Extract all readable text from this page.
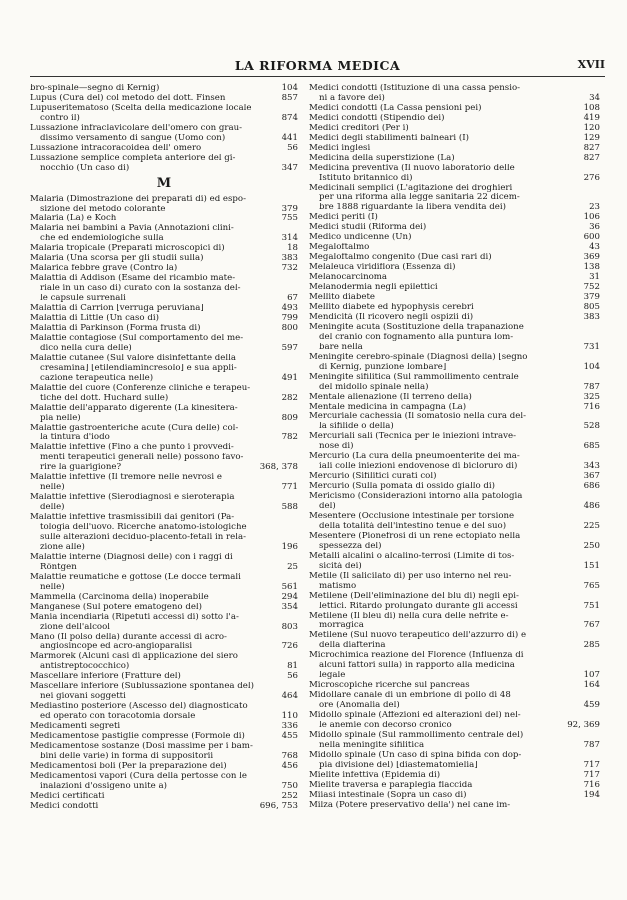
LA RIFORMA MEDICA	XVII
bro-spinale—segno di Kernig)	104
Lupus (Cura del) col metodo del dott. Finsen	857
Lupuseritematoso (Scelta della medicazione locale
contro il)	874
Lussazione infraclavicolare dell'omero con grau-
dissimo versamento di sangue (Uomo con)	441
Lussazione intracoracoidea dell' omero	56
Lussazione semplice completa anteriore del gi-
nocchio (Un caso di)	347
M
Malaria (Dimostrazione dei preparati di) ed espo-
sizione del metodo colorante	379
Malaria (La) e Koch	755
Malaria nei bambini a Pavia (Annotazioni clini-
che ed endemiologiche sulla	314
Malaria tropicale (Preparati microscopici di)	18
Malaria (Una scorsa per gli studii sulla)	383
Malarica febbre grave (Contro la)	732
Malattia di Addison (Esame del ricambio mate-
riale in un caso di) curato con la sostanza del-
le capsule surrenali	67
Malattia di Carrion [verruga peruviana]	493
Malattia di Little (Un caso di)	799
Malattia di Parkinson (Forma frusta di)	800
Malattie contagiose (Sul comportamento del me-
dico nella cura delle)	597
Malattie cutanee (Sul valore disinfettante della
cresamina] [etilendiamincresolo] e sua appli-
cazione terapeutica nelle)	491
Malattie del cuore (Conferenze cliniche e terapeu-
tiche del dott. Huchard sulle)	282
Malattie dell'apparato digerente (La kinesitera-
pia nelle)	809
Malattie gastroenteriche acute (Cura delle) col-
la tintura d'iodo	782
Malattie infettive (Fino a che punto i provvedi-
menti terapeutici generali nelle) possono favo-
rire la guarigione?	368, 378
Malattie infettive (Il tremore nelle nevrosi e
nelle)	771
Malattie infettive (Sierodiagnosi e sieroterapia
delle)	588
Malattie infettive trasmissibili dai genitori (Pa-
tologia dell'uovo. Ricerche anatomo-istologiche
sulle alterazioni deciduo-placento-fetali in rela-
zione alle)	196
Malattie interne (Diagnosi delle) con i raggi di
Röntgen	25
Malattie reumatiche e gottose (Le docce termali
nelle)	561
Mammella (Carcinoma della) inoperabile	294
Manganese (Sul potere ematogeno del)	354
Mania incendiaria (Ripetuti accessi di) sotto l'a-
zione dell'alcool	803
Mano (Il polso della) durante accessi di acro-
angiosincope ed acro-angioparalisi	726
Marmorek (Alcuni casi di applicazione del siero
antistreptococchico)	81
Mascellare inferiore (Fratture del)	56
Mascellare inferiore (Sublussazione spontanea del)
nei giovani soggetti	464
Mediastino posteriore (Ascesso del) diagnosticato
ed operato con toracotomia dorsale	110
Medicamenti segreti	336
Medicamentose pastiglie compresse (Formole di)	455
Medicamentose sostanze (Dosi massime per i bam-
bini delle varie) in forma di suppositorii	768
Medicamentosi boli (Per la preparazione dei)	456
Medicamentosi vapori (Cura della pertosse con le
inalazioni d'ossigeno unite a)	750
Medici certificati	252
Medici condotti	696, 753
Medici condotti (Istituzione di una cassa pensio-
ni a favore dei)	34
Medici condotti (La Cassa pensioni pei)	108
Medici condotti (Stipendio dei)	419
Medici creditori (Per i)	120
Medici degli stabilimenti balneari (I)	129
Medici inglesi	827
Medicina della superstizione (La)	827
Medicina preventiva (Il nuovo laboratorio delle
Istituto britannico di)	276
Medicinali semplici (L'agitazione dei droghieri
per una riforma alla legge sanitaria 22 dicem-
bre 1888 riguardante la libera vendita dei)	23
Medici periti (I)	106
Medici studii (Riforma dei)	36
Medico undicenne (Un)	600
Megaloftalmo	43
Megaloftalmo congenito (Due casi rari di)	369
Melaleuca viridiflora (Essenza di)	138
Melanocarcinoma	31
Melanodermia negli epilettici	752
Mellito diabete	379
Mellito diabete ed hypophysis cerebri	805
Mendicità (Il ricovero negli ospizii di)	383
Meningite acuta (Sostituzione della trapanazione
del cranio con fognamento alla puntura lom-
bare nella	731
Meningite cerebro-spinale (Diagnosi della) [segno
di Kernig, punzione lombare]	104
Meningite sifilitica (Sul rammollimento centrale
del midollo spinale nella)	787
Mentale alienazione (Il terreno della)	325
Mentale medicina in campagna (La)	716
Mercuriale cachessia (Il somatosio nella cura del-
la sifilide o della)	528
Mercuriali sali (Tecnica per le iniezioni intrave-
nose di)	685
Mercurio (La cura della pneumoenterite dei ma-
iali colle iniezioni endovenose di bicloruro di)	343
Mercurio (Sifilitici curati col)	367
Mercurio (Sulla pomata di ossido giallo di)	686
Mericismo (Considerazioni intorno alla patologia
del)	486
Mesentere (Occlusione intestinale per torsione
della totalità dell'intestino tenue e del suo)	225
Mesentere (Pionefrosi di un rene ectopiato nella
spessezza del)	250
Metalli alcalini o alcalino-terrosi (Limite di tos-
sicità dei)	151
Metile (Il salicilato di) per uso interno nel reu-
matismo	765
Metilene (Dell'eliminazione del blu di) negli epi-
lettici. Ritardo prolungato durante gli accessi	751
Metilene (Il bleu di) nella cura delle nefrite e-
morragica	767
Metilene (Sul nuovo terapeutico dell'azzurro di) e
della diafterina	285
Microchimica reazione del Florence (Influenza di
alcuni fattori sulla) in rapporto alla medicina
legale	107
Microscopiche ricerche sul pancreas	164
Midollare canale di un embrione di pollo di 48
ore (Anomalia del)	459
Midollo spinale (Affezioni ed alterazioni del) nel-
le anemie con decorso cronico	92, 369
Midollo spinale (Sul rammollimento centrale del)
nella meningite sifilitica	787
Midollo spinale (Un caso di spina bifida con dop-
pia divisione del) [diastematomielia]	717
Mielite infettiva (Epidemia di)	717
Mielite traversa e paraplegia flaccida	716
Miiasi intestinale (Sopra un caso di)	194
Milza (Potere preservativo della') nel cane im-
